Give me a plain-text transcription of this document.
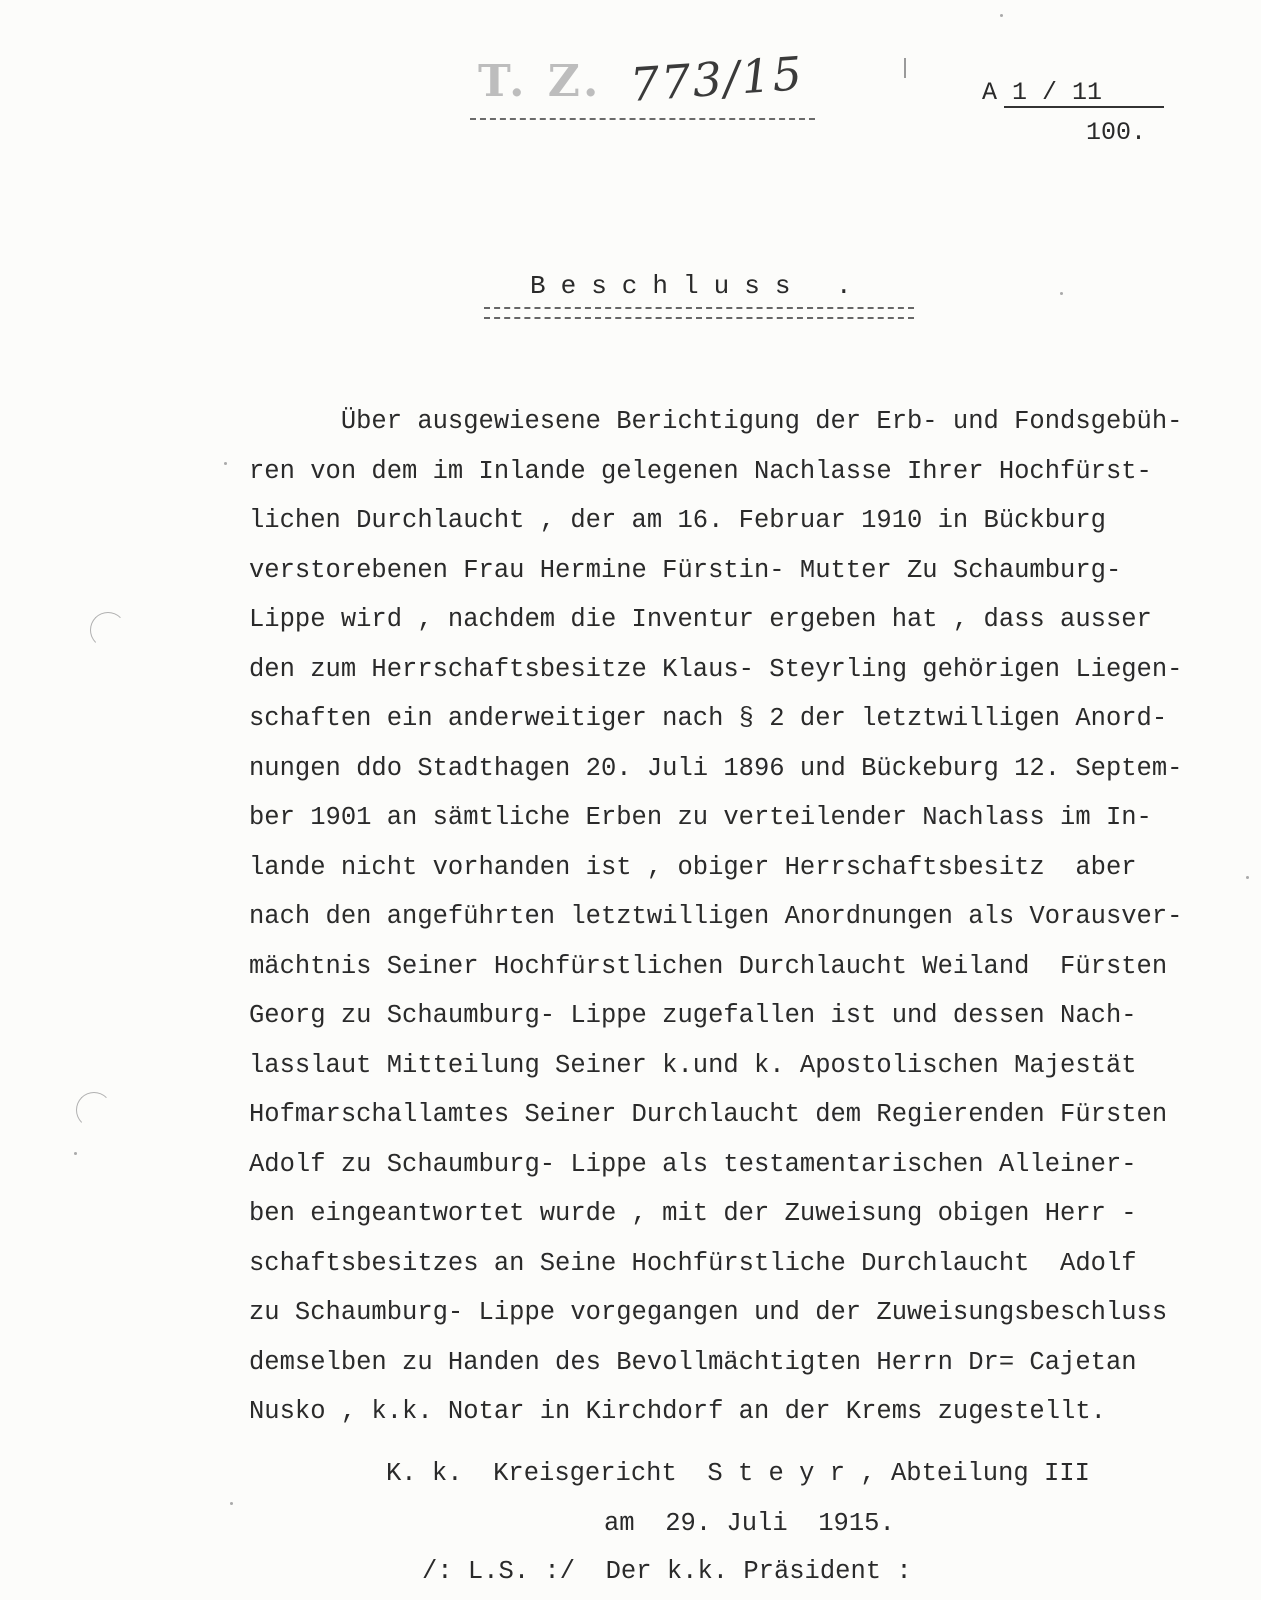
T. Z. 773/15	A 1 / 11
100.
Beschluss .
Über ausgewiesene Berichtigung der Erb- und Fondsgebüh-
ren von dem im Inlande gelegenen Nachlasse Ihrer Hochfürst-
lichen Durchlaucht , der am 16. Februar 1910 in Bückburg
verstorebenen Frau Hermine Fürstin- Mutter Zu Schaumburg-
Lippe wird , nachdem die Inventur ergeben hat , dass ausser
den zum Herrschaftsbesitze Klaus- Steyrling gehörigen Liegen-
schaften ein anderweitiger nach § 2 der letztwilligen Anord-
nungen ddo Stadthagen 20. Juli 1896 und Bückeburg 12. Septem-
ber 1901 an sämtliche Erben zu verteilender Nachlass im In-
lande nicht vorhanden ist , obiger Herrschaftsbesitz  aber
nach den angeführten letztwilligen Anordnungen als Vorausver-
mächtnis Seiner Hochfürstlichen Durchlaucht Weiland  Fürsten
Georg zu Schaumburg- Lippe zugefallen ist und dessen Nach-
lasslaut Mitteilung Seiner k.und k. Apostolischen Majestät
Hofmarschallamtes Seiner Durchlaucht dem Regierenden Fürsten
Adolf zu Schaumburg- Lippe als testamentarischen Alleiner-
ben eingeantwortet wurde , mit der Zuweisung obigen Herr -
schaftsbesitzes an Seine Hochfürstliche Durchlaucht  Adolf
zu Schaumburg- Lippe vorgegangen und der Zuweisungsbeschluss
demselben zu Handen des Bevollmächtigten Herrn Dr= Cajetan
Nusko , k.k. Notar in Kirchdorf an der Krems zugestellt.
K. k.  Kreisgericht  S t e y r , Abteilung III
am  29. Juli  1915.
/: L.S. :/  Der k.k. Präsident :
